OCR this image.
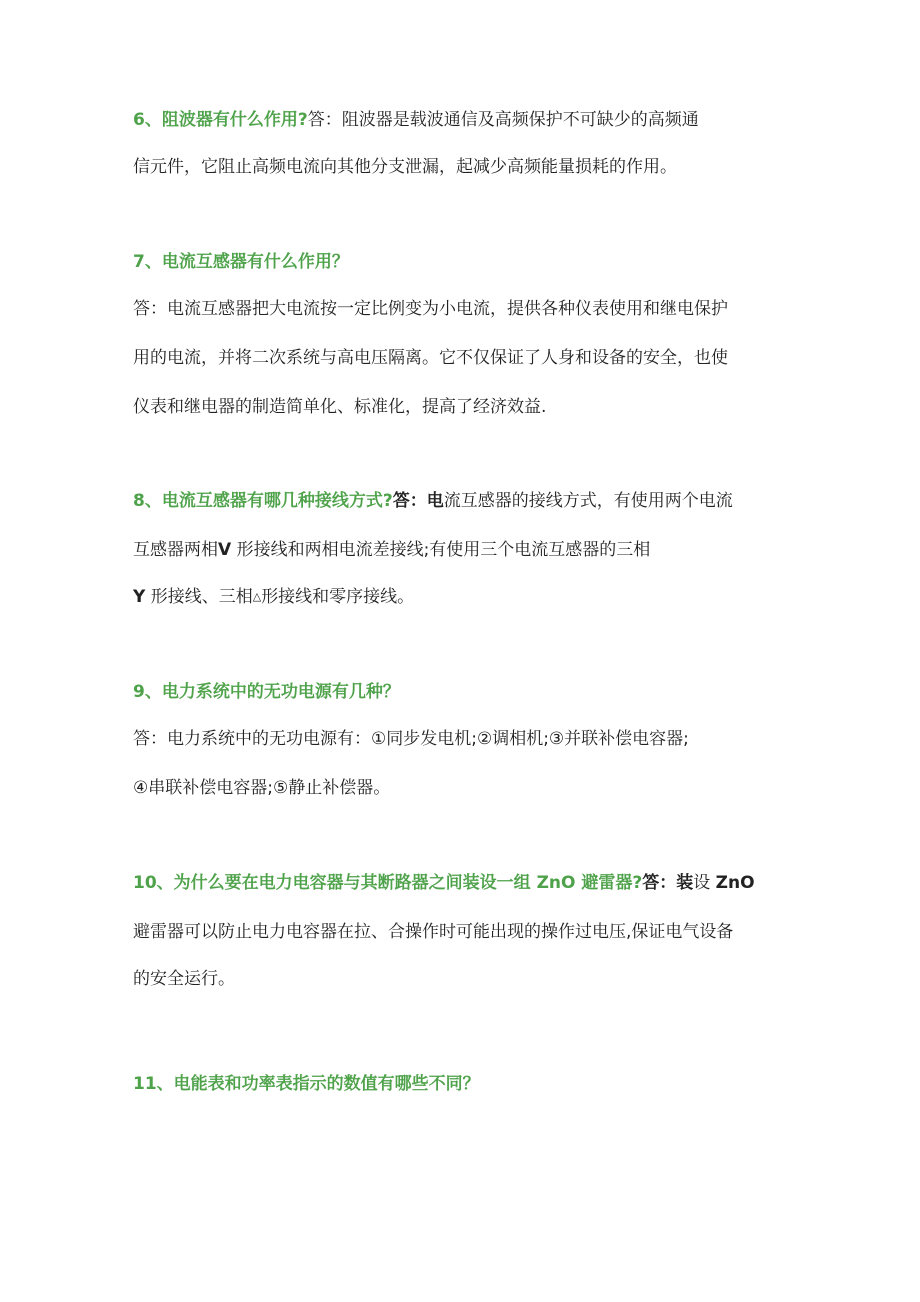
6、阻波器有什么作用?答：阻波器是载波通信及高频保护不可缺少的高频通
信元件，它阻止高频电流向其他分支泄漏，起减少高频能量损耗的作用。
7、电流互感器有什么作用？
答：电流互感器把大电流按一定比例变为小电流，提供各种仪表使用和继电保护
用的电流，并将二次系统与高电压隔离。它不仅保证了人身和设备的安全，也使
仪表和继电器的制造简单化、标准化，提高了经济效益.
8、电流互感器有哪几种接线方式?答：电流互感器的接线方式，有使用两个电流
互感器两相V 形接线和两相电流差接线;有使用三个电流互感器的三相
Y 形接线、三相△形接线和零序接线。
9、电力系统中的无功电源有几种？
答：电力系统中的无功电源有：①同步发电机;②调相机;③并联补偿电容器;
④串联补偿电容器;⑤静止补偿器。
10、为什么要在电力电容器与其断路器之间装设一组 ZnO 避雷器?答：装设 ZnO
避雷器可以防止电力电容器在拉、合操作时可能出现的操作过电压,保证电气设备
的安全运行。
11、电能表和功率表指示的数值有哪些不同？
